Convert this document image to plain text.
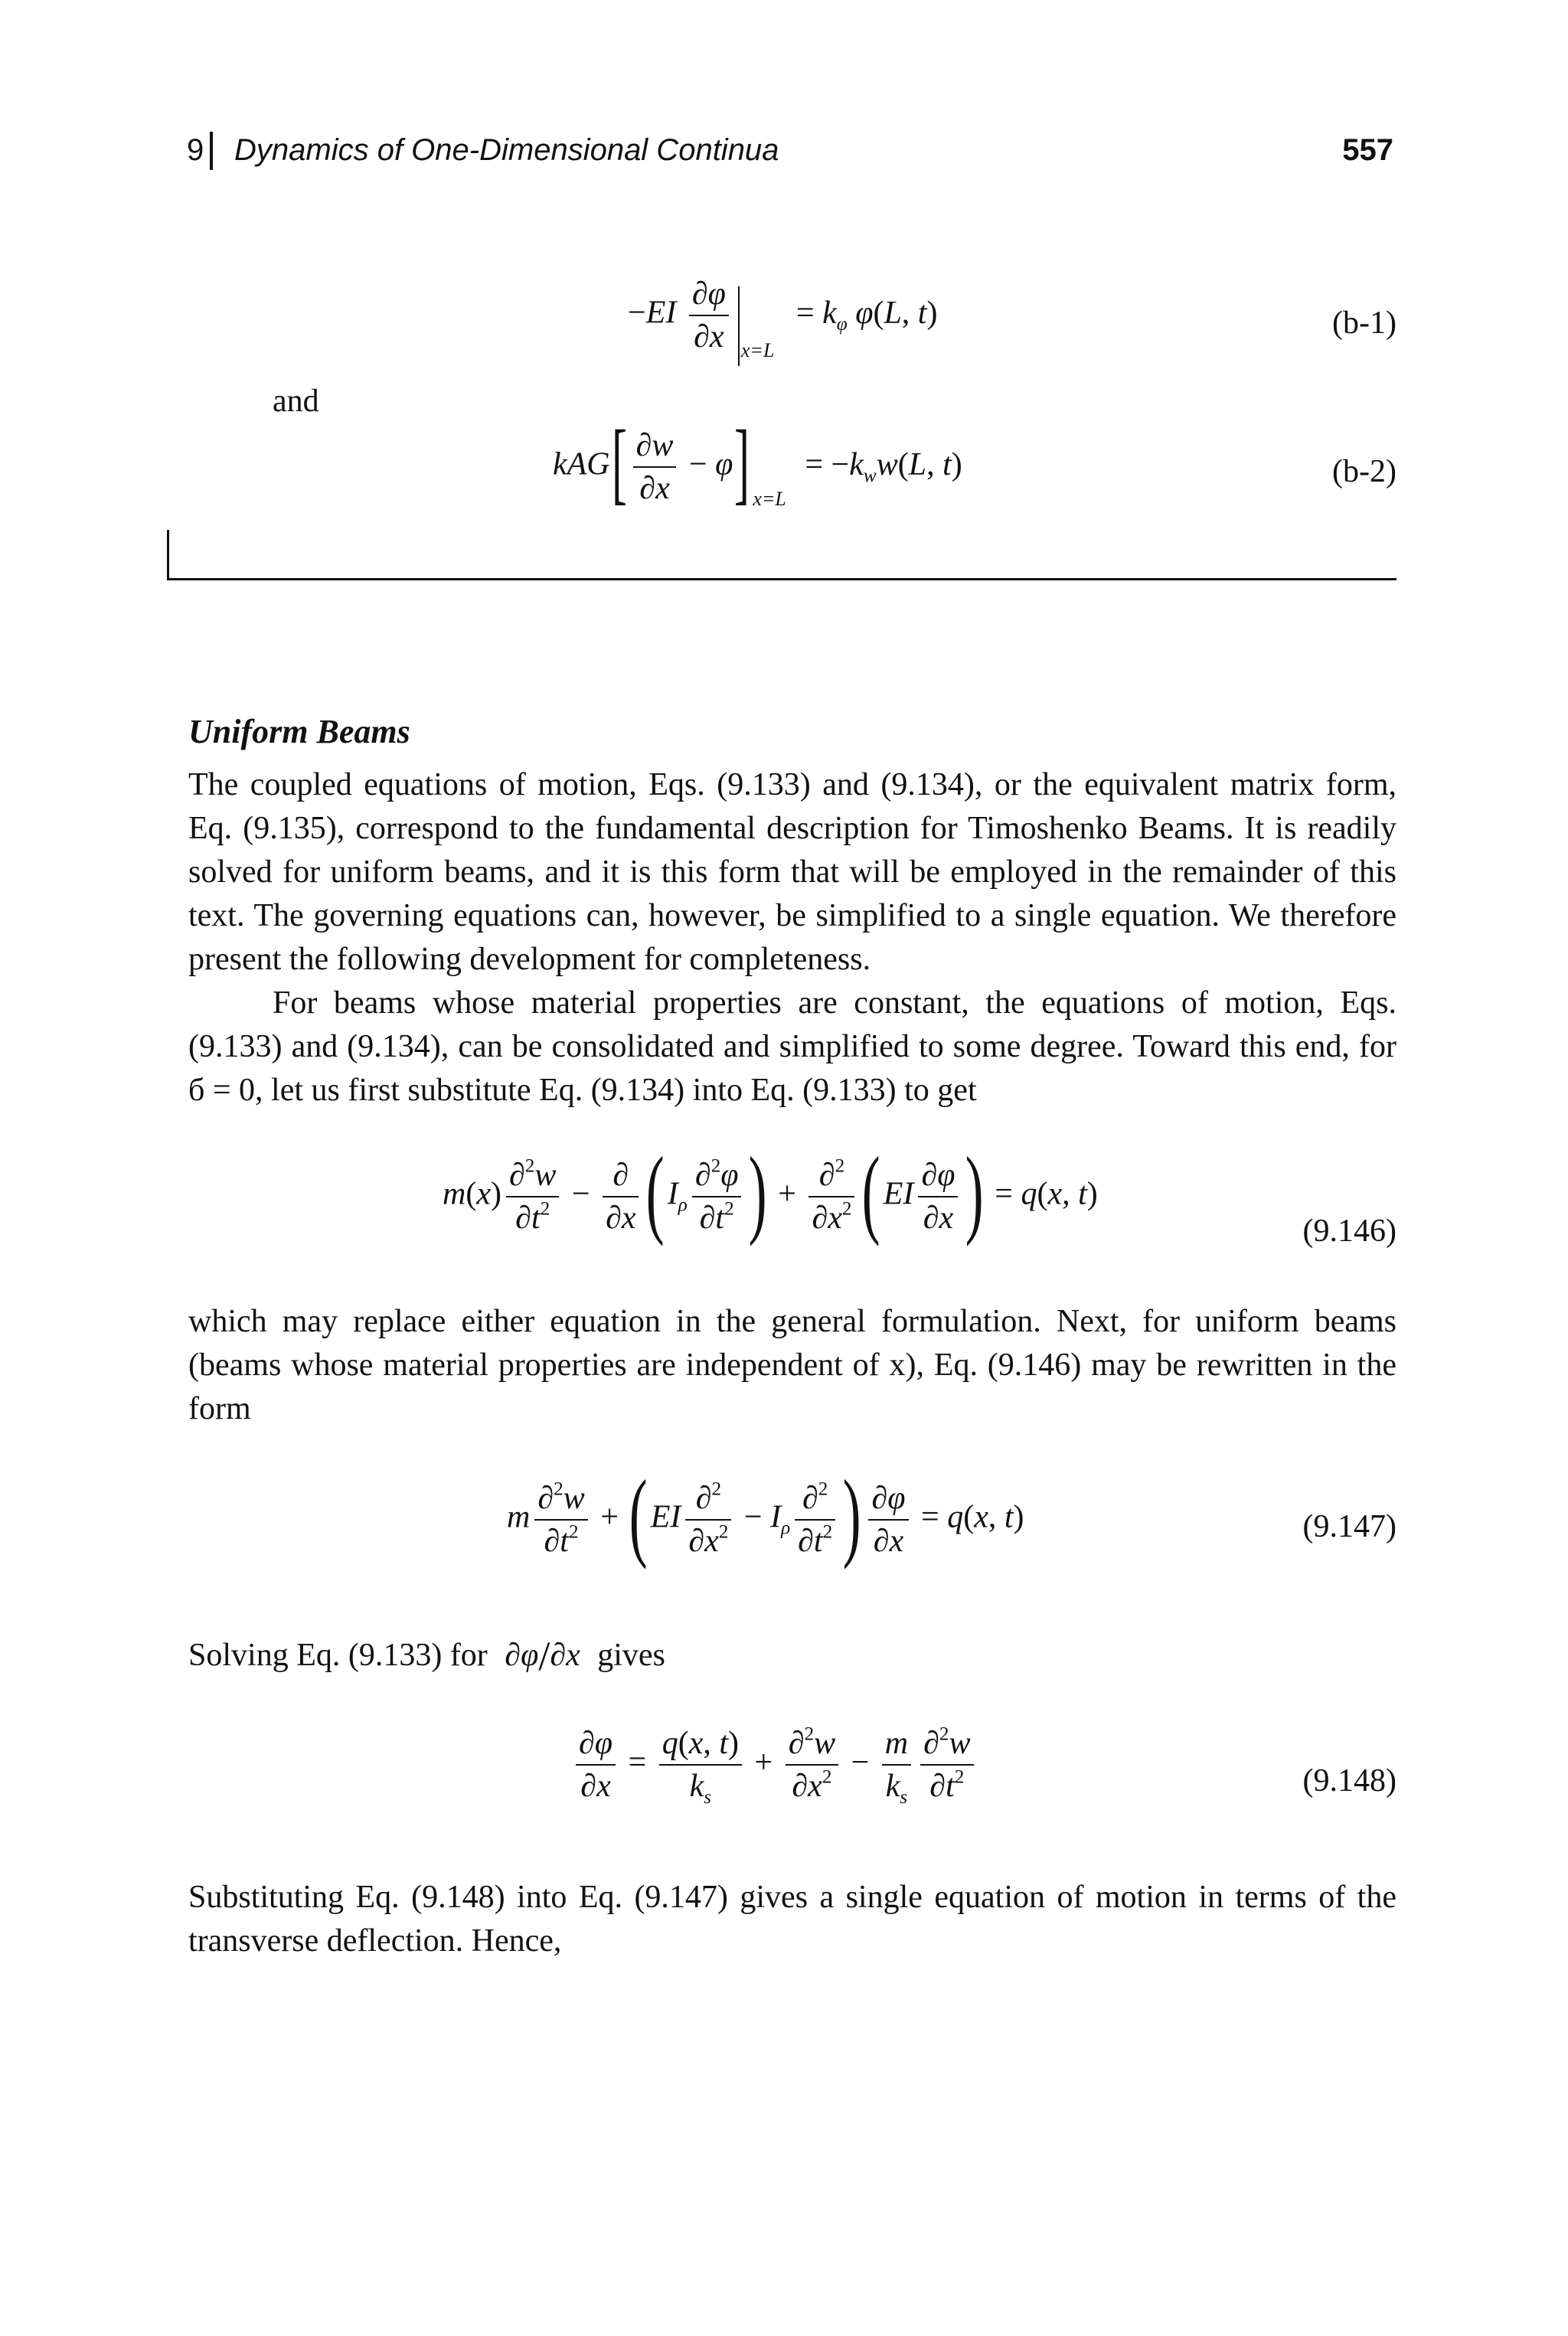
9 Dynamics of One-Dimensional Continua	557
$-EI \frac{\partial\varphi}{\partial x} _{x=L} = k_\varphi$ φ(L, t)	(b-1)
and
$kAG[ \frac{\partial w}{\partial x} - \varphi]$ $_{x=L} = -k_ww(L$, t)	(b-2)
Uniform Beams

The coupled equations of motion, Eqs. (9.133) and (9.134), or the equivalent matrix form, Eq. (9.135), correspond to the fundamental description for Timoshenko Beams. It is readily solved for uniform beams, and it is this form that will be employed in the remainder of this text. The governing equations can, however, be simplified to a single equation. We therefore present the following development for completeness.

For beams whose material properties are constant, the equations of motion, Eqs. (9.133) and (9.134), can be consolidated and simplified to some degree. Toward this end, for б = 0, let us first substitute Eq. (9.134) into Eq. (9.133) to get

$m(x) \frac{\partial^2w}{\partial t^2} - \frac{\partial}{\partial x} (I_\rho \frac{\partial^2\varphi}{\partial t^2}$ ) + $\frac{\partial^2}{\partial x^2} (EI \frac{\partial\varphi}{\partial x}$ ) = q(x, t)
(9.146)

which may replace either equation in the general formulation. Next, for uniform beams (beams whose material properties are independent of x), Eq. (9.146) may be rewritten in the form

m $\frac{\partial^2w}{\partial t^2} + (EI \frac{\partial^2}{\partial x^2} - I_\rho \frac{\partial^2}{\partial t^2}$ ) $\frac{\partial\varphi}{\partial x} = q(x$, t)	(9.147)

Solving Eq. (9.133) for ∂φ/∂x gives

$\frac{\partial\varphi}{\partial x} = \frac{q(x, t)}{k_s} + \frac{\partial^2w}{\partial x^2} - \frac{m}{k_s} \frac{\partial^2w}{\partial t^2}$	(9.148)

Substituting Eq. (9.148) into Eq. (9.147) gives a single equation of motion in terms of the transverse deflection. Hence,
